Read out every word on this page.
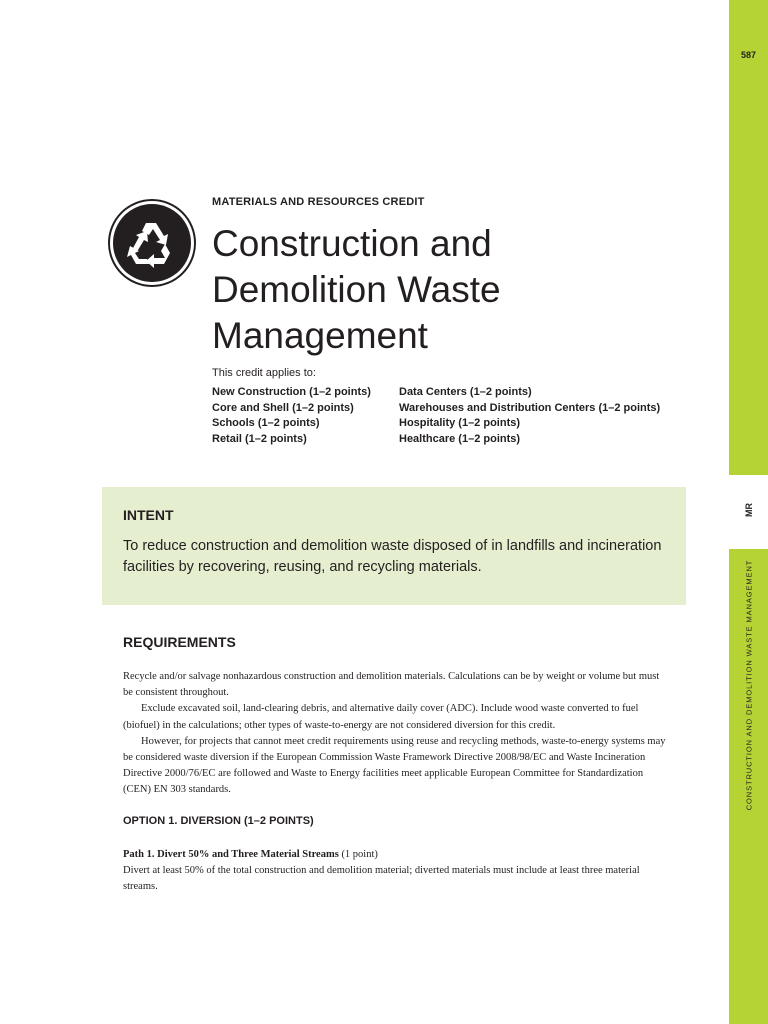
587
MR
CONSTRUCTION AND DEMOLITION WASTE MANAGEMENT
MATERIALS AND RESOURCES CREDIT
Construction and
Demolition Waste
Management
This credit applies to:
New Construction (1–2 points)
Core and Shell (1–2 points)
Schools (1–2 points)
Retail (1–2 points)
Data Centers (1–2 points)
Warehouses and Distribution Centers (1–2 points)
Hospitality (1–2 points)
Healthcare (1–2 points)
INTENT
To reduce construction and demolition waste disposed of in landfills and incineration facilities by recovering, reusing, and recycling materials.
REQUIREMENTS
Recycle and/or salvage nonhazardous construction and demolition materials. Calculations can be by weight or volume but must be consistent throughout.
Exclude excavated soil, land-clearing debris, and alternative daily cover (ADC). Include wood waste converted to fuel (biofuel) in the calculations; other types of waste-to-energy are not considered diversion for this credit.
However, for projects that cannot meet credit requirements using reuse and recycling methods, waste-to-energy systems may be considered waste diversion if the European Commission Waste Framework Directive 2008/98/EC and Waste Incineration Directive 2000/76/EC are followed and Waste to Energy facilities meet applicable European Committee for Standardization (CEN) EN 303 standards.
OPTION 1. DIVERSION (1–2 POINTS)
Path 1. Divert 50% and Three Material Streams (1 point)
Divert at least 50% of the total construction and demolition material; diverted materials must include at least three material streams.
